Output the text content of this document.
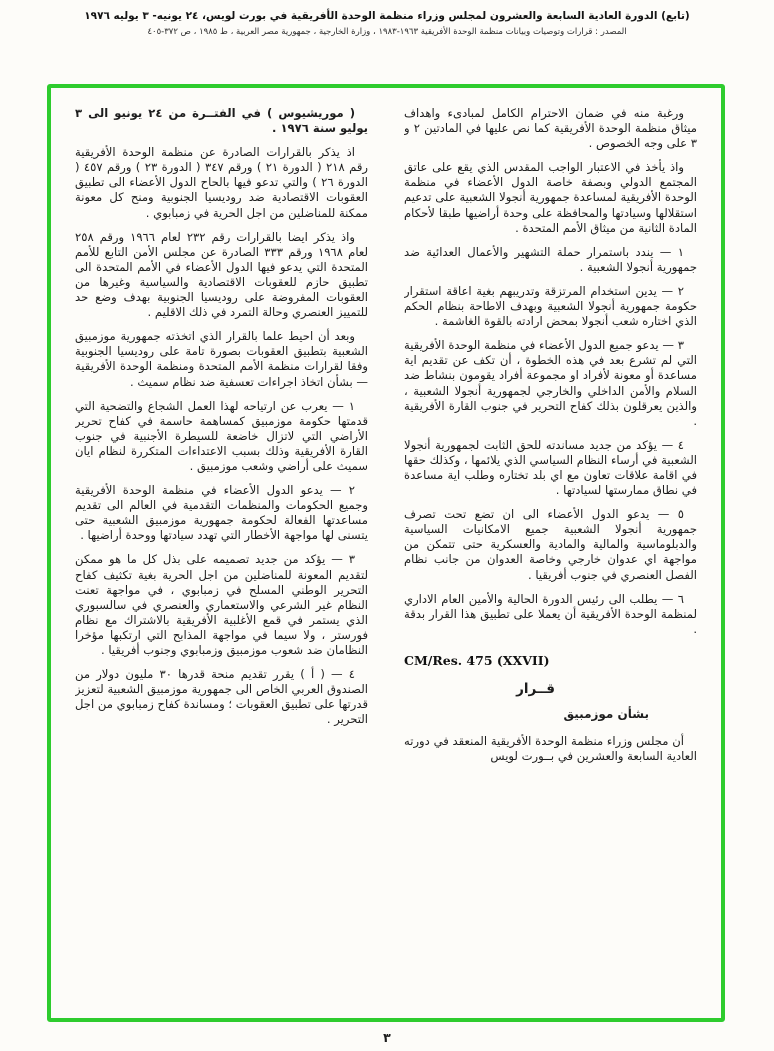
(تابع) الدورة العادية السابعة والعشرون لمجلس وزراء منظمة الوحدة الأفريقية في بورت لويس، ٢٤ يونيه- ٣ يوليه ١٩٧٦
المصدر : قرارات وتوصيات وبيانات منظمة الوحدة الأفريقية ١٩٦٣-١٩٨٣ ، وزارة الخارجية ، جمهورية مصر العربية ، ط ١٩٨٥ ، ص ٣٧٢-٤٠٥

ورغبة منه في ضمان الاحترام الكامل لمبادىء واهداف ميثاق منظمة الوحدة الأفريقية كما نص عليها في المادتين ٢ و ٣ على وجه الخصوص .

واذ يأخذ في الاعتبار الواجب المقدس الذي يقع على عاتق المجتمع الدولي وبصفة خاصة الدول الأعضاء في منظمة الوحدة الأفريقية لمساعدة جمهورية أنجولا الشعبية على تدعيم استقلالها وسيادتها والمحافظة على وحدة أراضيها طبقا لأحكام المادة الثانية من ميثاق الأمم المتحدة .

١ — يندد باستمرار حملة التشهير والأعمال العدائية ضد جمهورية أنجولا الشعبية .

٢ — يدين استخدام المرتزقة وتدريبهم بغية اعاقة استقرار حكومة جمهورية أنجولا الشعبية وبهدف الاطاحة بنظام الحكم الذي اختاره شعب أنجولا بمحض ارادته بالقوة الغاشمة .

٣ — يدعو جميع الدول الأعضاء في منظمة الوحدة الأفريقية التي لم تشرع بعد في هذه الخطوة ، أن تكف عن تقديم اية مساعدة أو معونة لأفراد او مجموعة أفراد يقومون بنشاط ضد السلام والأمن الداخلي والخارجي لجمهورية أنجولا الشعبية ، والذين يعرقلون بذلك كفاح التحرير في جنوب القارة الأفريقية .

٤ — يؤكد من جديد مساندته للحق الثابت لجمهورية أنجولا الشعبية في أرساء النظام السياسي الذي يلائمها ، وكذلك حقها في اقامة علاقات تعاون مع اي بلد تختاره وطلب اية مساعدة في نطاق ممارستها لسيادتها .

٥ — يدعو الدول الأعضاء الى ان تضع تحت تصرف جمهورية أنجولا الشعبية جميع الامكانيات السياسية والدبلوماسية والمالية والمادية والعسكرية حتى تتمكن من مواجهة اي عدوان خارجي وخاصة العدوان من جانب نظام الفصل العنصري في جنوب أفريقيا .

٦ — يطلب الى رئيس الدورة الحالية والأمين العام الاداري لمنظمة الوحدة الأفريقية أن يعملا على تطبيق هذا القرار بدقة .

CM/Res. 475 (XXVII)
قــرار
بشأن موزمبيق

أن مجلس وزراء منظمة الوحدة الأفريقية المنعقد في دورته العادية السابعة والعشرين في بــورت لويس

( موريشيوس ) في الفتــرة من ٢٤ يونيو الى ٣ يوليو سنة ١٩٧٦ .

اذ يذكر بالقرارات الصادرة عن منظمة الوحدة الأفريقية رقم ٢١٨ ( الدورة ٢١ ) ورقم ٣٤٧ ( الدورة ٢٣ ) ورقم ٤٥٧ ( الدورة ٢٦ ) والتي تدعو فيها بالحاح الدول الأعضاء الى تطبيق العقوبات الاقتصادية ضد روديسيا الجنوبية ومنح كل معونة ممكنة للمناضلين من اجل الحرية في زمبابوي .

واذ يذكر ايضا بالقرارات رقم ٢٣٢ لعام ١٩٦٦ ورقم ٢٥٨ لعام ١٩٦٨ ورقم ٣٣٣ الصادرة عن مجلس الأمن التابع للأمم المتحدة التي يدعو فيها الدول الأعضاء في الأمم المتحدة الى تطبيق حازم للعقوبات الاقتصادية والسياسية وغيرها من العقوبات المفروضة على روديسيا الجنوبية بهدف وضع حد للتمييز العنصري وحالة التمرد في ذلك الاقليم .

وبعد أن احيط علما بالقرار الذي اتخذته جمهورية موزمبيق الشعبية بتطبيق العقوبات بصورة تامة على روديسيا الجنوبية وفقا لقرارات منظمة الأمم المتحدة ومنظمة الوحدة الأفريقية — بشأن اتخاذ اجراءات تعسفية ضد نظام سميث .

١ — يعرب عن ارتياحه لهذا العمل الشجاع والتضحية التي قدمتها حكومة موزمبيق كمساهمة حاسمة في كفاح تحرير الأراضي التي لاتزال خاضعة للسيطرة الأجنبية في جنوب القارة الأفريقية وذلك بسبب الاعتداءات المتكررة لنظام ايان سميث على أراضي وشعب موزمبيق .

٢ — يدعو الدول الأعضاء في منظمة الوحدة الأفريقية وجميع الحكومات والمنظمات التقدمية في العالم الى تقديم مساعدتها الفعالة لحكومة جمهورية موزمبيق الشعبية حتى يتسنى لها مواجهة الأخطار التي تهدد سيادتها ووحدة أراضيها .

٣ — يؤكد من جديد تصميمه على بذل كل ما هو ممكن لتقديم المعونة للمناضلين من اجل الحرية بغية تكثيف كفاح التحرير الوطني المسلح في زمبابوي ، في مواجهة تعنت النظام غير الشرعي والاستعماري والعنصري في سالسبوري الذي يستمر في قمع الأغلبية الأفريقية بالاشتراك مع نظام فورستر ، ولا سيما في مواجهة المذابح التي ارتكبها مؤخرا النظامان ضد شعوب موزمبيق وزمبابوي وجنوب أفريقيا .

٤ — ( أ ) يقرر تقديم منحة قدرها ٣٠ مليون دولار من الصندوق العربي الخاص الى جمهورية موزمبيق الشعبية لتعزيز قدرتها على تطبيق العقوبات ؛ ومساندة كفاح زمبابوي من اجل التحرير .

٣
